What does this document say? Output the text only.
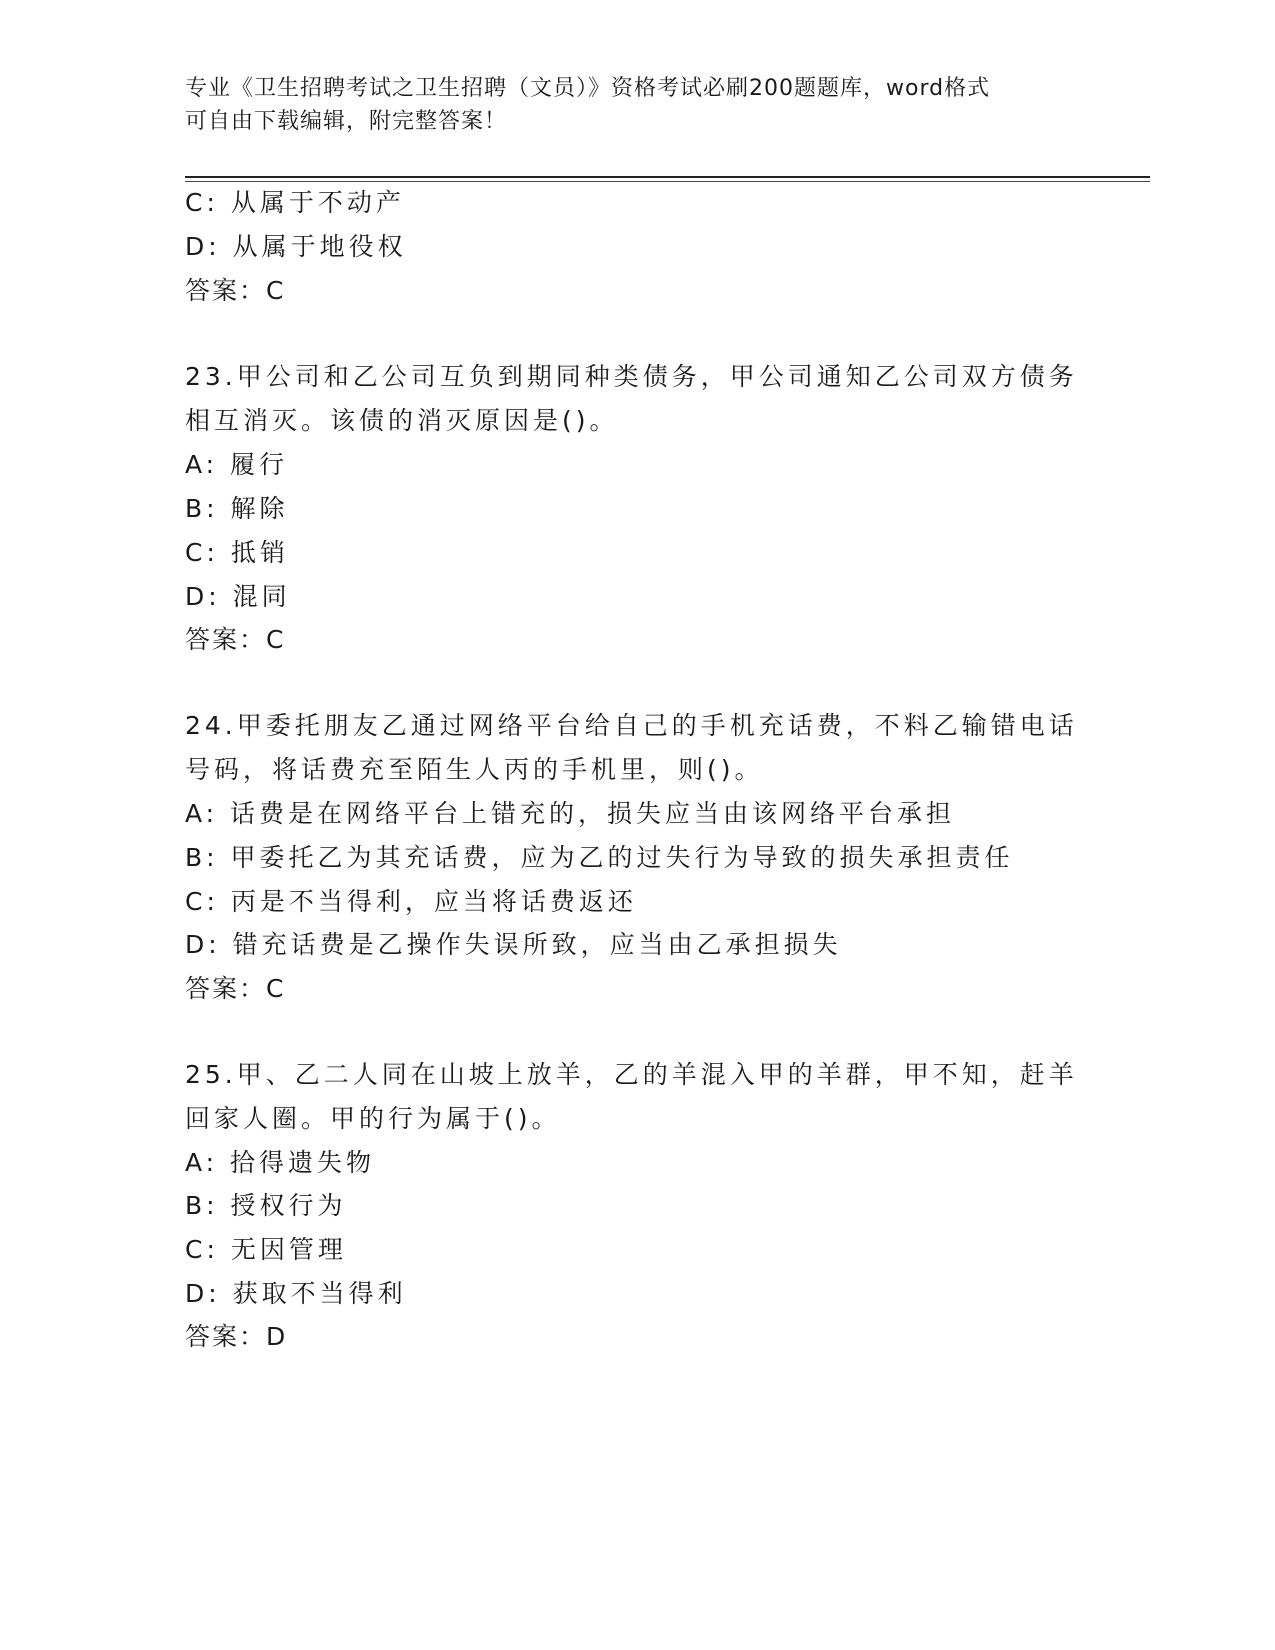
专业《卫生招聘考试之卫生招聘（文员）》资格考试必刷200题题库，word格式
可自由下载编辑，附完整答案！
C: 从属于不动产
D: 从属于地役权
答案：C
23.甲公司和乙公司互负到期同种类债务，甲公司通知乙公司双方债务
相互消灭。该债的消灭原因是()。
A: 履行
B: 解除
C: 抵销
D: 混同
答案：C
24.甲委托朋友乙通过网络平台给自己的手机充话费，不料乙输错电话
号码，将话费充至陌生人丙的手机里，则()。
A: 话费是在网络平台上错充的，损失应当由该网络平台承担
B: 甲委托乙为其充话费，应为乙的过失行为导致的损失承担责任
C: 丙是不当得利，应当将话费返还
D: 错充话费是乙操作失误所致，应当由乙承担损失
答案：C
25.甲、乙二人同在山坡上放羊，乙的羊混入甲的羊群，甲不知，赶羊
回家人圈。甲的行为属于()。
A: 拾得遗失物
B: 授权行为
C: 无因管理
D: 获取不当得利
答案：D
